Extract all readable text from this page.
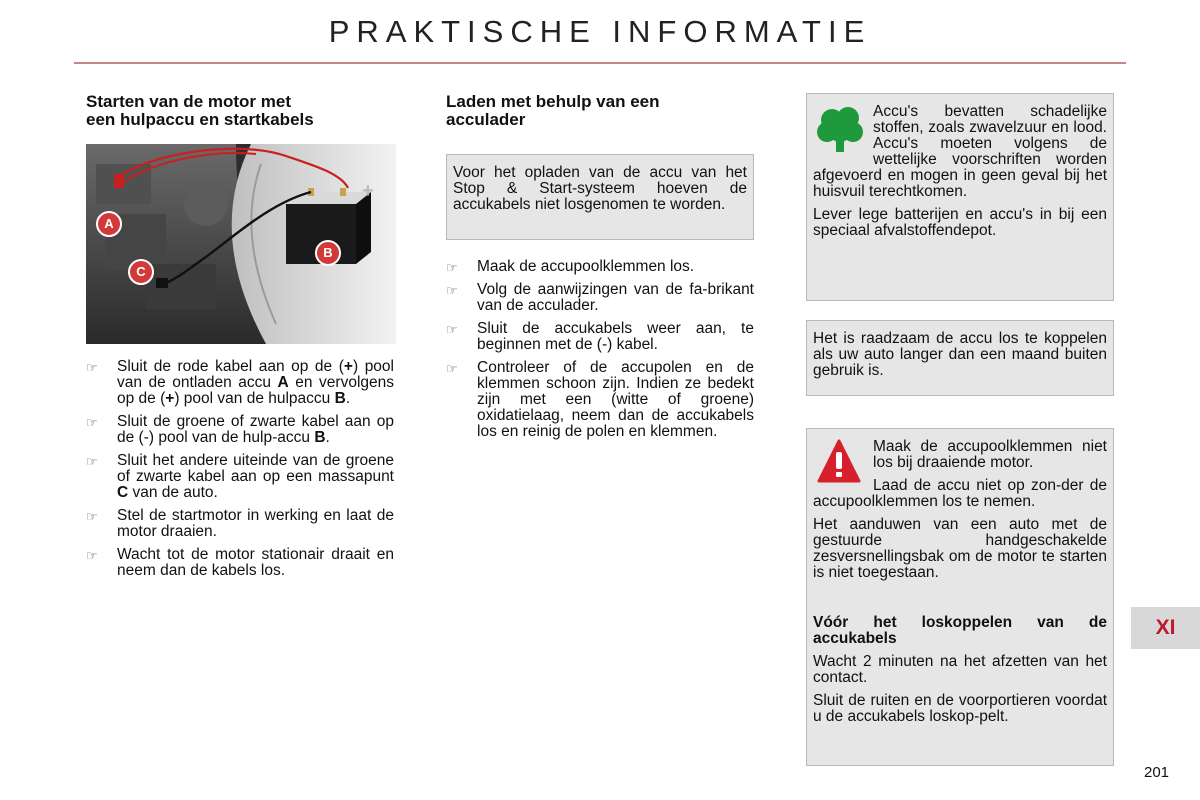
PRAKTISCHE INFORMATIE
Starten van de motor met
een hulpaccu en startkabels
A
B
C
+
☞ Sluit de rode kabel aan op de (+) pool van de ontladen accu A en vervolgens op de (+) pool van de hulpaccu B.
☞ Sluit de groene of zwarte kabel aan op de (-) pool van de hulp-accu B.
☞ Sluit het andere uiteinde van de groene of zwarte kabel aan op een massapunt C van de auto.
☞ Stel de startmotor in werking en laat de motor draaien.
☞ Wacht tot de motor stationair draait en neem dan de kabels los.
Laden met behulp van een
acculader

Voor het opladen van de accu van het Stop & Start-systeem hoeven de accukabels niet losgenomen te worden.

☞ Maak de accupoolklemmen los.
☞ Volg de aanwijzingen van de fa-brikant van de acculader.
☞ Sluit de accukabels weer aan, te beginnen met de (-) kabel.
☞ Controleer of de accupolen en de klemmen schoon zijn. Indien ze bedekt zijn met een (witte of groene) oxidatielaag, neem dan de accukabels los en reinig de polen en klemmen.

Accu's bevatten schadelijke stoffen, zoals zwavelzuur en lood. Accu's moeten volgens de wettelijke voorschriften worden afgevoerd en mogen in geen geval bij het huisvuil terechtkomen.

Lever lege batterijen en accu's in bij een speciaal afvalstoffendepot.

Het is raadzaam de accu los te koppelen als uw auto langer dan een maand buiten gebruik is.

Maak de accupoolklemmen niet los bij draaiende motor.

Laad de accu niet op zon-der de accupoolklemmen los te nemen.

Het aanduwen van een auto met de gestuurde handgeschakelde zesversnellingsbak om de motor te starten is niet toegestaan.

Vóór het loskoppelen van de accukabels

Wacht 2 minuten na het afzetten van het contact.

Sluit de ruiten en de voorportieren voordat u de accukabels loskop-pelt.

XI
201
